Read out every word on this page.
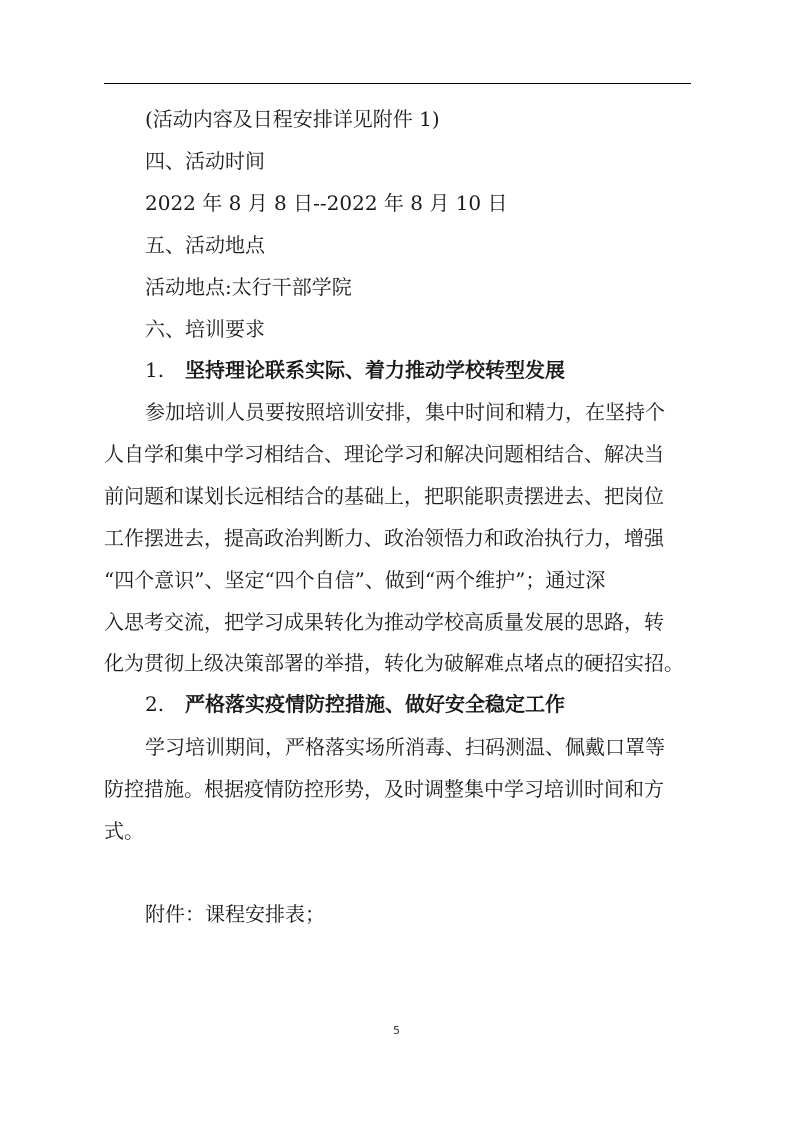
(活动内容及日程安排详见附件 1)
四、活动时间
2022 年 8 月 8 日--2022 年 8 月 10 日
五、活动地点
活动地点:太行干部学院
六、培训要求
1. 坚持理论联系实际、着力推动学校转型发展
参加培训人员要按照培训安排，集中时间和精力，在坚持个
人自学和集中学习相结合、理论学习和解决问题相结合、解决当
前问题和谋划长远相结合的基础上，把职能职责摆进去、把岗位
工作摆进去，提高政治判断力、政治领悟力和政治执行力，增强
“四个意识”、坚定“四个自信”、做到“两个维护”；通过深
入思考交流，把学习成果转化为推动学校高质量发展的思路，转
化为贯彻上级决策部署的举措，转化为破解难点堵点的硬招实招。
2. 严格落实疫情防控措施、做好安全稳定工作
学习培训期间，严格落实场所消毒、扫码测温、佩戴口罩等
防控措施。根据疫情防控形势，及时调整集中学习培训时间和方
式。
附件：课程安排表；
5
